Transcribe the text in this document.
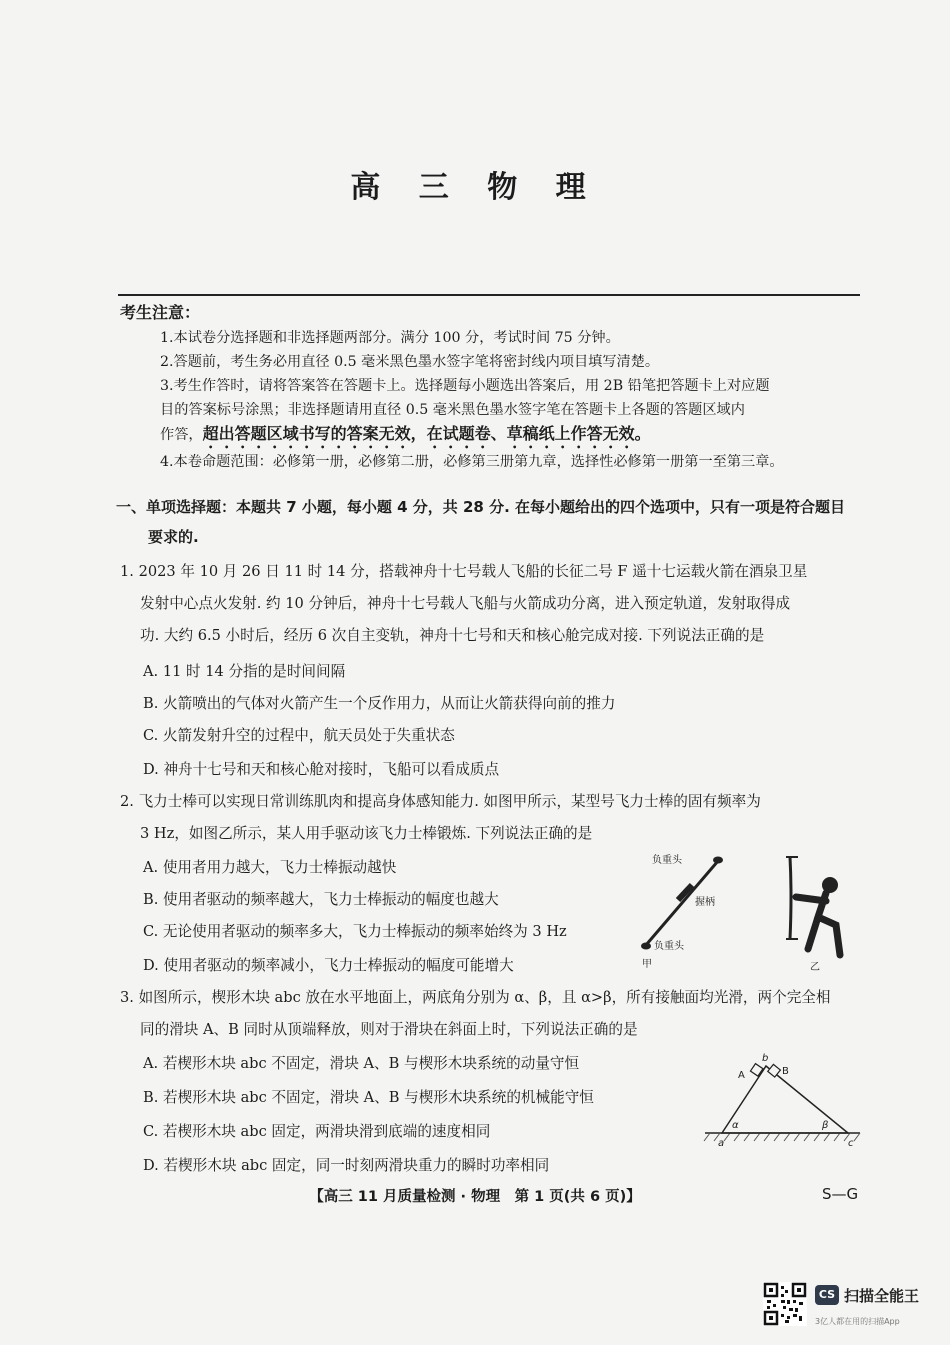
高 三 物 理
考生注意：
1.本试卷分选择题和非选择题两部分。满分 100 分，考试时间 75 分钟。
2.答题前，考生务必用直径 0.5 毫米黑色墨水签字笔将密封线内项目填写清楚。
3.考生作答时，请将答案答在答题卡上。选择题每小题选出答案后，用 2B 铅笔把答题卡上对应题
目的答案标号涂黑；非选择题请用直径 0.5 毫米黑色墨水签字笔在答题卡上各题的答题区域内
作答，超出答题区域书写的答案无效，在试题卷、草稿纸上作答无效。
4.本卷命题范围：必修第一册，必修第二册，必修第三册第九章，选择性必修第一册第一至第三章。
一、单项选择题：本题共 7 小题，每小题 4 分，共 28 分. 在每小题给出的四个选项中，只有一项是符合题目
要求的.
1. 2023 年 10 月 26 日 11 时 14 分，搭载神舟十七号载人飞船的长征二号 F 遥十七运载火箭在酒泉卫星
发射中心点火发射. 约 10 分钟后，神舟十七号载人飞船与火箭成功分离，进入预定轨道，发射取得成
功. 大约 6.5 小时后，经历 6 次自主变轨，神舟十七号和天和核心舱完成对接. 下列说法正确的是
A. 11 时 14 分指的是时间间隔
B. 火箭喷出的气体对火箭产生一个反作用力，从而让火箭获得向前的推力
C. 火箭发射升空的过程中，航天员处于失重状态
D. 神舟十七号和天和核心舱对接时，飞船可以看成质点
2. 飞力士棒可以实现日常训练肌肉和提高身体感知能力. 如图甲所示，某型号飞力士棒的固有频率为
3 Hz，如图乙所示，某人用手驱动该飞力士棒锻炼. 下列说法正确的是
A. 使用者用力越大，飞力士棒振动越快
B. 使用者驱动的频率越大，飞力士棒振动的幅度也越大
C. 无论使用者驱动的频率多大，飞力士棒振动的频率始终为 3 Hz
D. 使用者驱动的频率减小，飞力士棒振动的幅度可能增大
负重头
握柄
负重头
甲	乙
3. 如图所示，楔形木块 abc 放在水平地面上，两底角分别为 α、β，且 α>β，所有接触面均光滑，两个完全相
同的滑块 A、B 同时从顶端释放，则对于滑块在斜面上时，下列说法正确的是
A. 若楔形木块 abc 不固定，滑块 A、B 与楔形木块系统的动量守恒
B. 若楔形木块 abc 不固定，滑块 A、B 与楔形木块系统的机械能守恒
C. 若楔形木块 abc 固定，两滑块滑到底端的速度相同
D. 若楔形木块 abc 固定，同一时刻两滑块重力的瞬时功率相同
b
A	B
α	β
a	c
【高三 11 月质量检测 · 物理　第 1 页(共 6 页)】	S—G
CS 扫描全能王
3亿人都在用的扫描App
